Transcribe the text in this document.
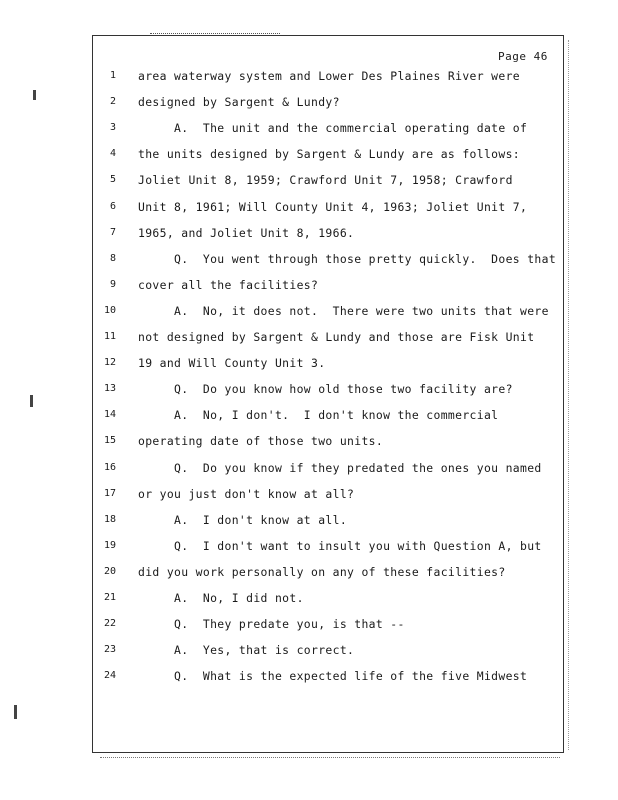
Page 46
1 area waterway system and Lower Des Plaines River were
2 designed by Sargent & Lundy?
3 A.  The unit and the commercial operating date of
4 the units designed by Sargent & Lundy are as follows:
5 Joliet Unit 8, 1959; Crawford Unit 7, 1958; Crawford
6 Unit 8, 1961; Will County Unit 4, 1963; Joliet Unit 7,
7 1965, and Joliet Unit 8, 1966.
8 Q.  You went through those pretty quickly.  Does that
9 cover all the facilities?
10 A.  No, it does not.  There were two units that were
11 not designed by Sargent & Lundy and those are Fisk Unit
12 19 and Will County Unit 3.
13 Q.  Do you know how old those two facility are?
14 A.  No, I don't.  I don't know the commercial
15 operating date of those two units.
16 Q.  Do you know if they predated the ones you named
17 or you just don't know at all?
18 A.  I don't know at all.
19 Q.  I don't want to insult you with Question A, but
20 did you work personally on any of these facilities?
21 A.  No, I did not.
22 Q.  They predate you, is that --
23 A.  Yes, that is correct.
24 Q.  What is the expected life of the five Midwest
